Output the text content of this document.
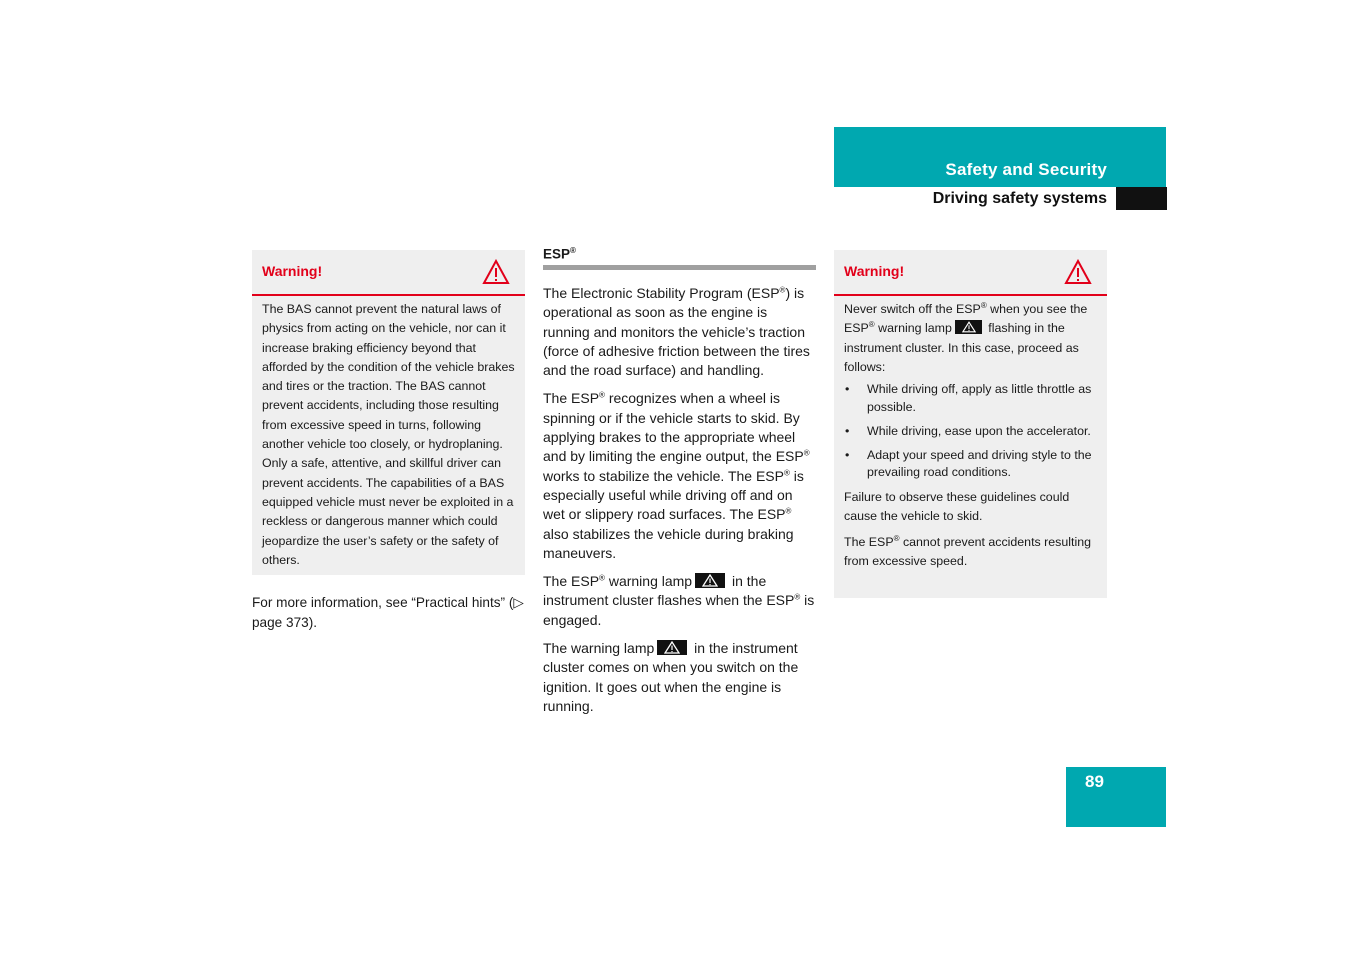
Safety and Security
Driving safety systems
Warning!

The BAS cannot prevent the natural laws of physics from acting on the vehicle, nor can it increase braking efficiency beyond that afforded by the condition of the vehicle brakes and tires or the traction. The BAS cannot prevent accidents, including those resulting from excessive speed in turns, following another vehicle too closely, or hydroplaning. Only a safe, attentive, and skillful driver can prevent accidents. The capabilities of a BAS equipped vehicle must never be exploited in a reckless or dangerous manner which could jeopardize the user’s safety or the safety of others.

For more information, see “Practical hints” (▷ page 373).

ESP®

The Electronic Stability Program (ESP®) is operational as soon as the engine is running and monitors the vehicle’s traction (force of adhesive friction between the tires and the road surface) and handling.

The ESP® recognizes when a wheel is spinning or if the vehicle starts to skid. By applying brakes to the appropriate wheel and by limiting the engine output, the ESP® works to stabilize the vehicle. The ESP® is especially useful while driving off and on wet or slippery road surfaces. The ESP® also stabilizes the vehicle during braking maneuvers.

The ESP® warning lamp	in the instrument cluster flashes when the ESP® is engaged.

The warning lamp	in the instrument cluster comes on when you switch on the ignition. It goes out when the engine is running.

Warning!

Never switch off the ESP® when you see the ESP® warning lamp	flashing in the instrument cluster. In this case, proceed as follows:

• While driving off, apply as little throttle as possible.
• While driving, ease upon the accelerator.
• Adapt your speed and driving style to the prevailing road conditions.

Failure to observe these guidelines could cause the vehicle to skid.

The ESP® cannot prevent accidents resulting from excessive speed.

89
